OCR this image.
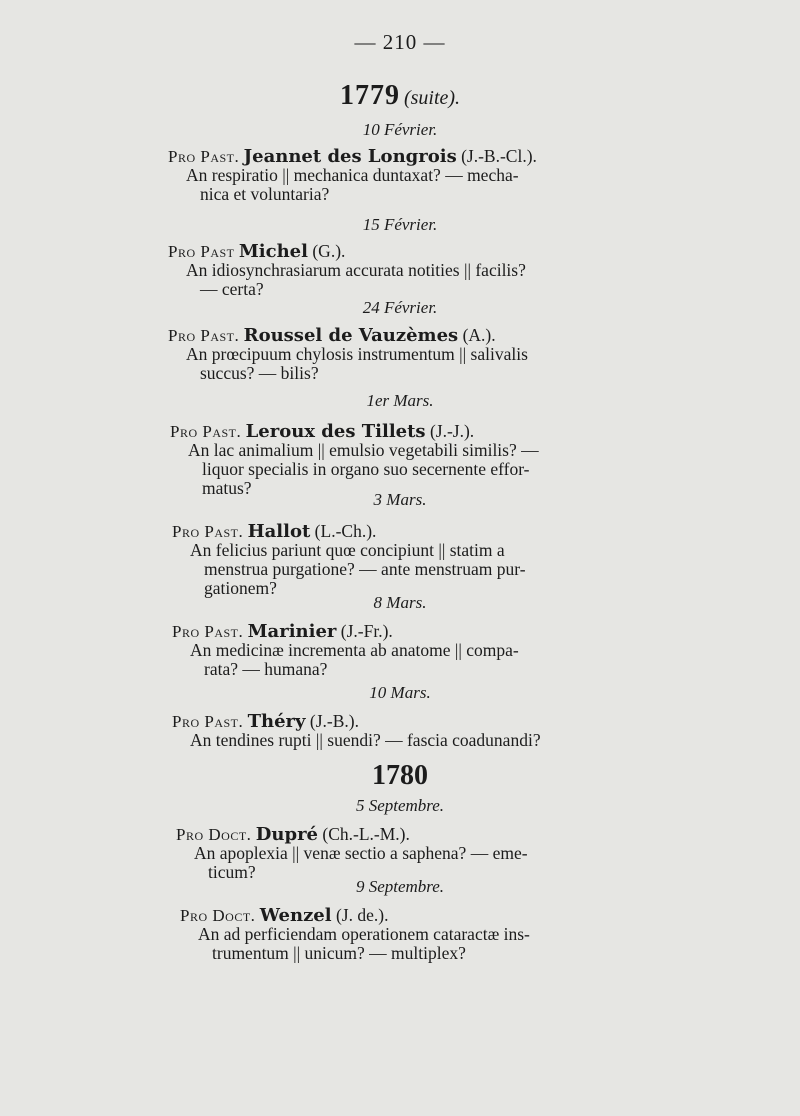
— 210 —
1779 (suite).
10 Février.
Pro Past. Jeannet des Longrois (J.-B.-Cl.).
An respiratio || mechanica duntaxat? — mecha-
nica et voluntaria?
15 Février.
Pro Past Michel (G.).
An idiosynchrasiarum accurata notities || facilis?
— certa?
24 Février.
Pro Past. Roussel de Vauzèmes (A.).
An prœcipuum chylosis instrumentum || salivalis
succus? — bilis?
1er Mars.
Pro Past. Leroux des Tillets (J.-J.).
An lac animalium || emulsio vegetabili similis? —
liquor specialis in organo suo secernente effor-
matus?
3 Mars.
Pro Past. Hallot (L.-Ch.).
An felicius pariunt quœ concipiunt || statim a
menstrua purgatione? — ante menstruam pur-
gationem?
8 Mars.
Pro Past. Marinier (J.-Fr.).
An medicinæ incrementa ab anatome || compa-
rata? — humana?
10 Mars.
Pro Past. Théry (J.-B.).
An tendines rupti || suendi? — fascia coadunandi?
1780
5 Septembre.
Pro Doct. Dupré (Ch.-L.-M.).
An apoplexia || venæ sectio a saphena? — eme-
ticum?
9 Septembre.
Pro Doct. Wenzel (J. de.).
An ad perficiendam operationem cataractæ ins-
trumentum || unicum? — multiplex?
